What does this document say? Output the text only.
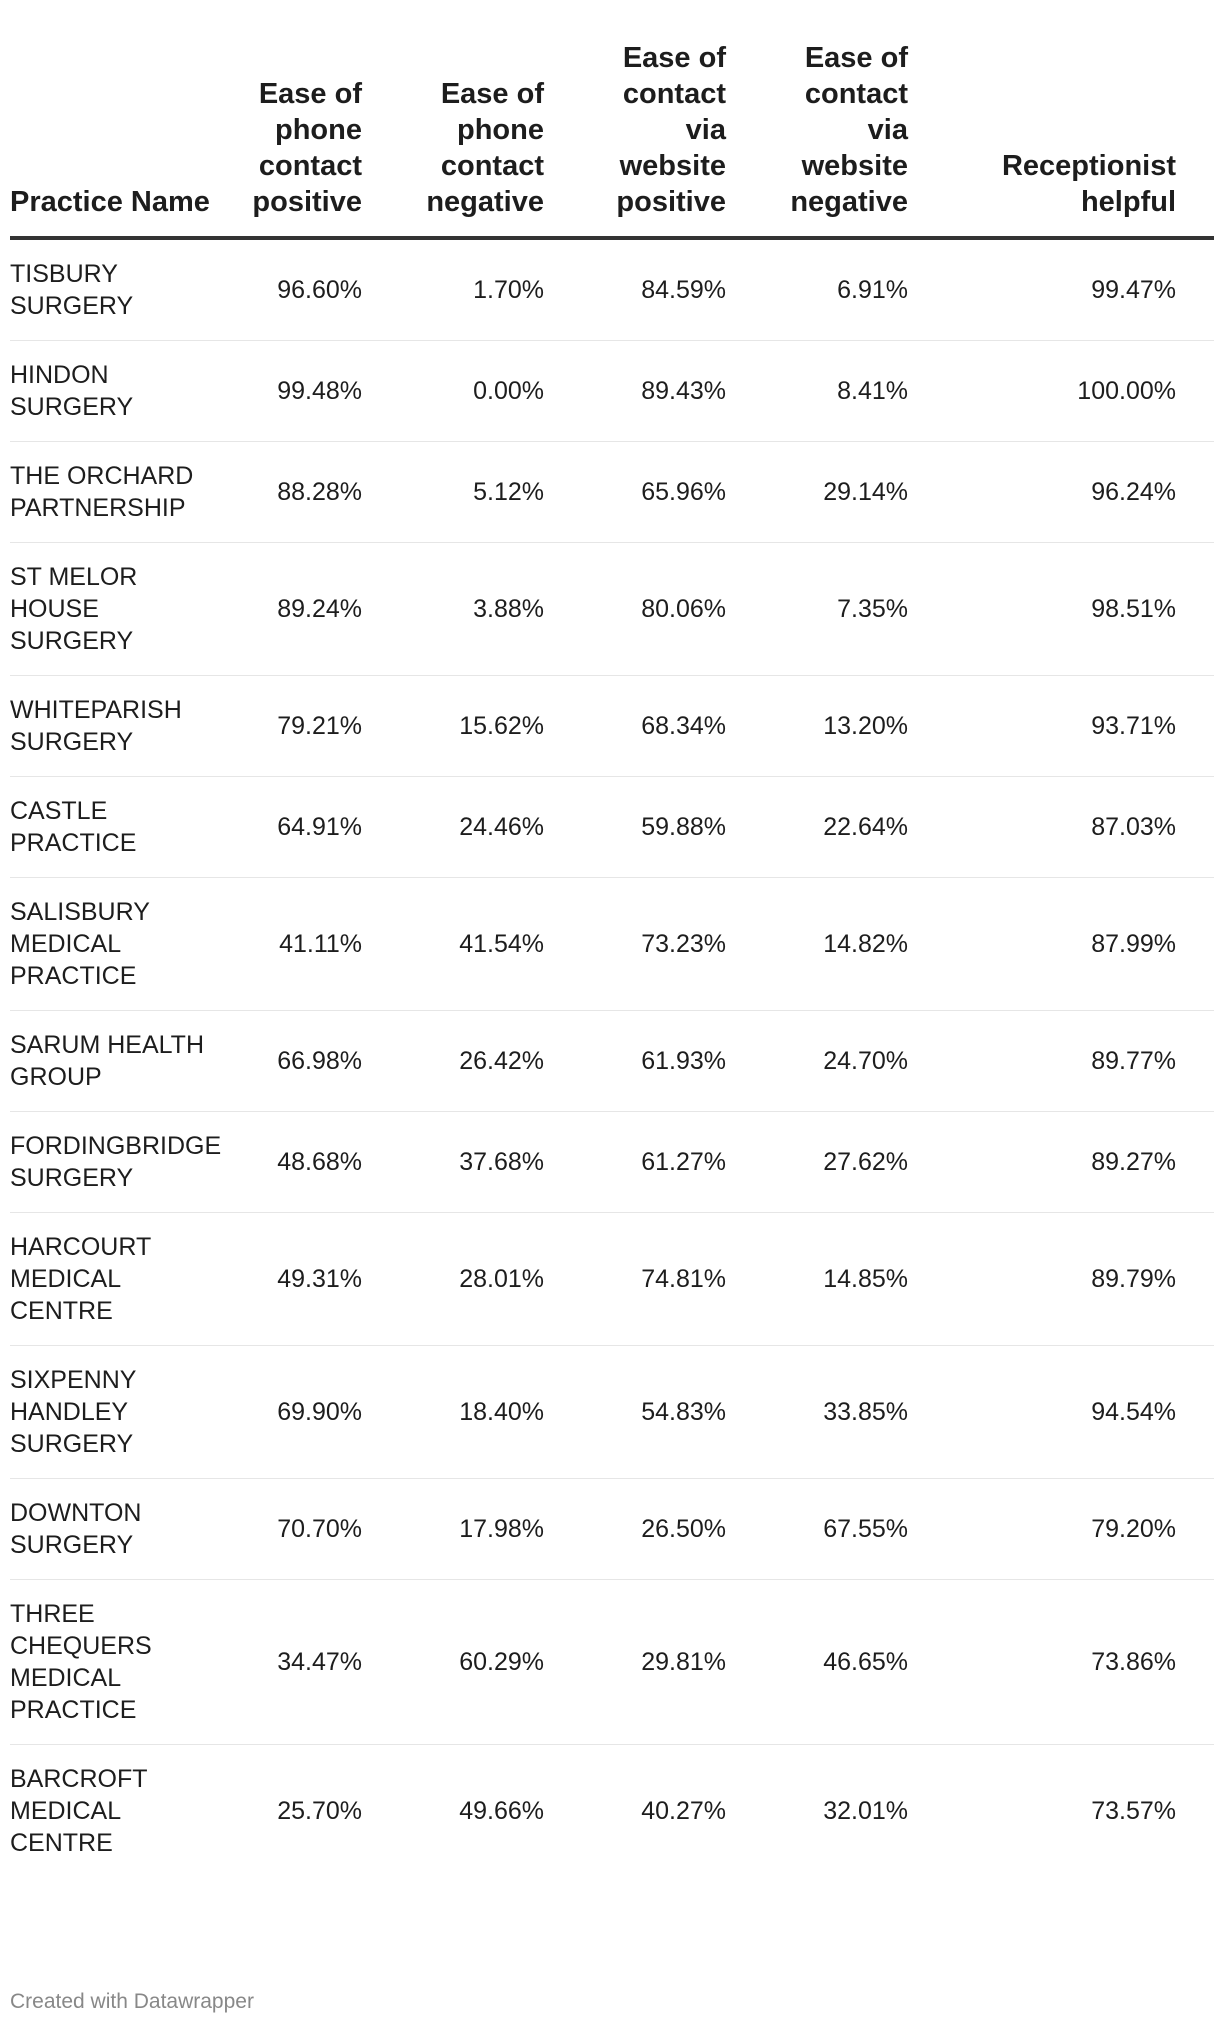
Practice Name	Ease of phone contact positive	Ease of phone contact negative	Ease of contact via website positive	Ease of contact via website negative	Receptionist helpful
TISBURY SURGERY	96.60%	1.70%	84.59%	6.91%	99.47%
HINDON SURGERY	99.48%	0.00%	89.43%	8.41%	100.00%
THE ORCHARD PARTNERSHIP	88.28%	5.12%	65.96%	29.14%	96.24%
ST MELOR HOUSE SURGERY	89.24%	3.88%	80.06%	7.35%	98.51%
WHITEPARISH SURGERY	79.21%	15.62%	68.34%	13.20%	93.71%
CASTLE PRACTICE	64.91%	24.46%	59.88%	22.64%	87.03%
SALISBURY MEDICAL PRACTICE	41.11%	41.54%	73.23%	14.82%	87.99%
SARUM HEALTH GROUP	66.98%	26.42%	61.93%	24.70%	89.77%
FORDINGBRIDGE SURGERY	48.68%	37.68%	61.27%	27.62%	89.27%
HARCOURT MEDICAL CENTRE	49.31%	28.01%	74.81%	14.85%	89.79%
SIXPENNY HANDLEY SURGERY	69.90%	18.40%	54.83%	33.85%	94.54%
DOWNTON SURGERY	70.70%	17.98%	26.50%	67.55%	79.20%
THREE CHEQUERS MEDICAL PRACTICE	34.47%	60.29%	29.81%	46.65%	73.86%
BARCROFT MEDICAL CENTRE	25.70%	49.66%	40.27%	32.01%	73.57%
Created with Datawrapper
